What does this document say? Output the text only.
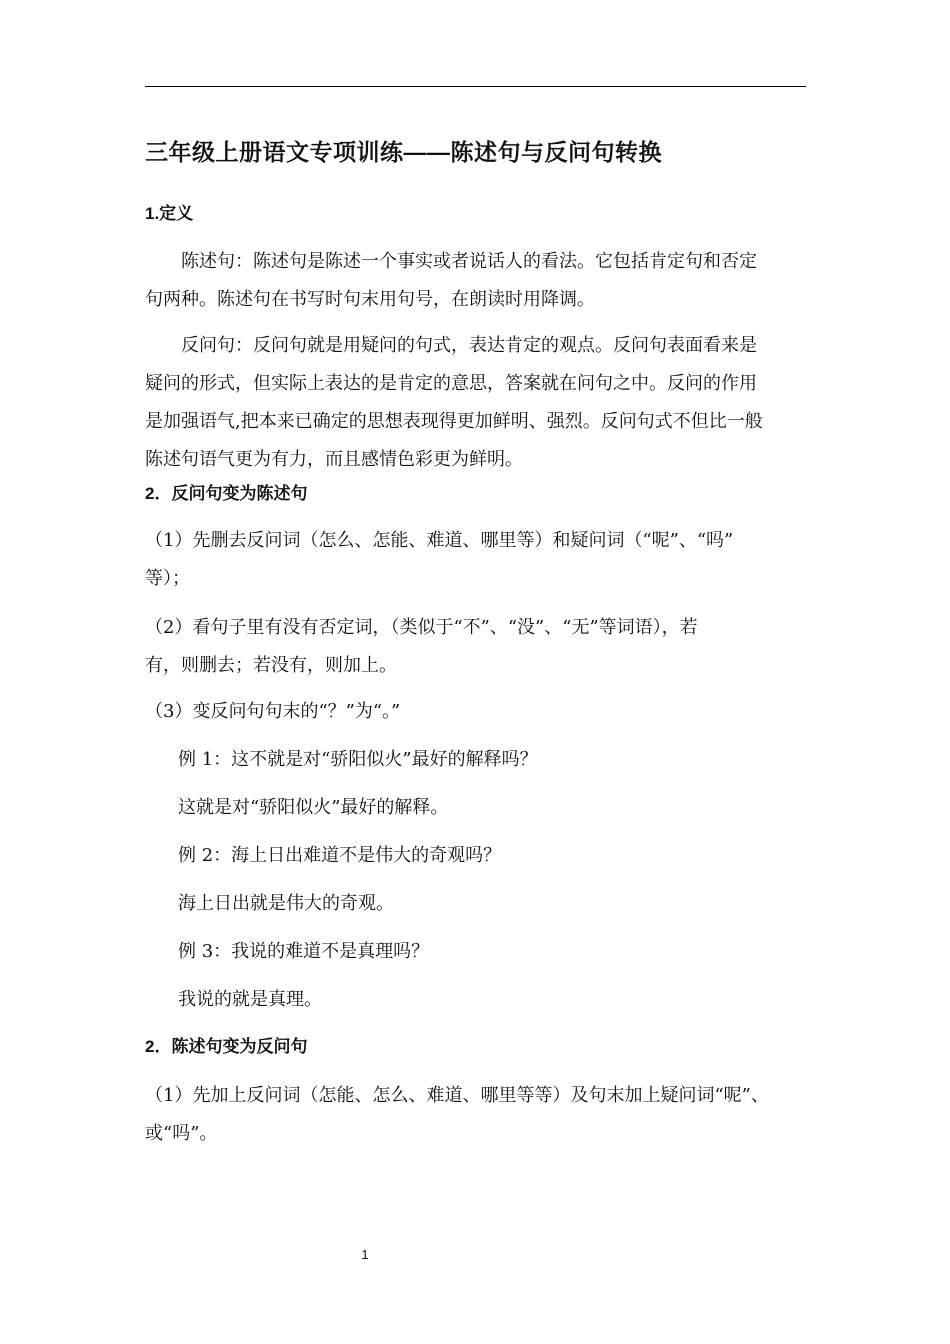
三年级上册语文专项训练——陈述句与反问句转换
1.定义
陈述句：陈述句是陈述一个事实或者说话人的看法。它包括肯定句和否定
句两种。陈述句在书写时句末用句号，在朗读时用降调。
反问句：反问句就是用疑问的句式，表达肯定的观点。反问句表面看来是
疑问的形式，但实际上表达的是肯定的意思，答案就在问句之中。反问的作用
是加强语气,把本来已确定的思想表现得更加鲜明、强烈。反问句式不但比一般
陈述句语气更为有力，而且感情色彩更为鲜明。
2．反问句变为陈述句
（1）先删去反问词（怎么、怎能、难道、哪里等）和疑问词（“呢”、“吗”
等）；
（2）看句子里有没有否定词，（类似于“不”、“没”、“无”等词语），若
有，则删去；若没有，则加上。
（3）变反问句句末的“？”为“。”
例 1：这不就是对“骄阳似火”最好的解释吗？
这就是对“骄阳似火”最好的解释。
例 2：海上日出难道不是伟大的奇观吗？
海上日出就是伟大的奇观。
例 3：我说的难道不是真理吗？
我说的就是真理。
2．陈述句变为反问句
（1）先加上反问词（怎能、怎么、难道、哪里等等）及句末加上疑问词“呢”、
或“吗”。
1
